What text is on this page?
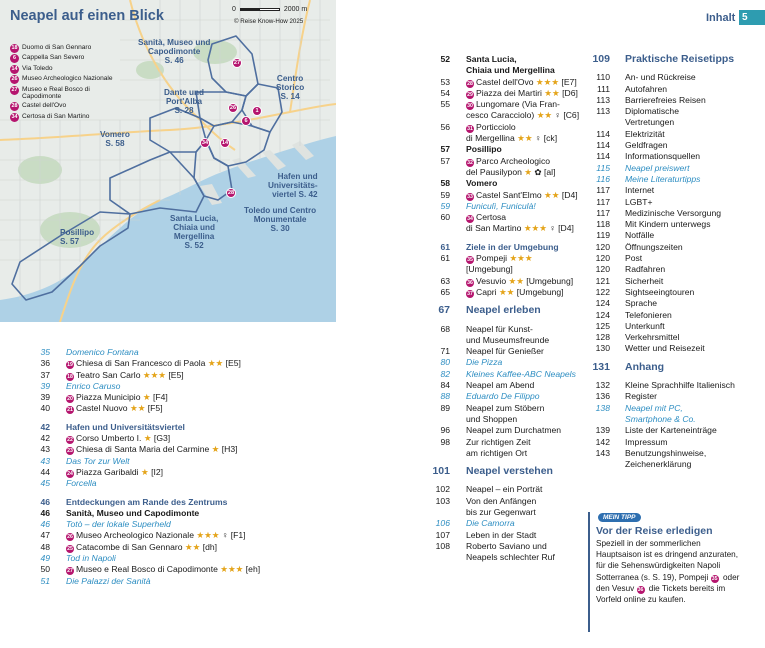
Neapel auf einen Blick	0	2000 m
© Reise Know-How 2025
18 Duomo di San Gennaro
6 Cappella San Severo
14 Via Toledo
26 Museo Archeologico Nazionale
27 Museo e Real Bosco di Capodimonte
28 Castel dell'Ovo
34 Certosa di San Martino
Sanità, Museo und
Capodimonte
S. 46
Centro
Storico
S. 14
Dante und
Port'Alba
S. 28
Vomero
S. 58
Hafen und
Universitäts-
viertel S. 42
Toledo und Centro
Monumentale
S. 30
Santa Lucia,
Chiaia und
Mergellina
S. 52
Posillipo
S. 57
27
26	1
6
34	14
28
Inhalt 5
35 Domenico Fontana
36	19 Chiesa di San Francesco di Paola ★★ [E5]
37	18 Teatro San Carlo ★★★ [E5]
39 Enrico Caruso
39	20 Piazza Municipio ★ [F4]
40	21 Castel Nuovo ★★ [F5]
42 Hafen und Universitätsviertel
42	22 Corso Umberto I. ★ [G3]
43	23 Chiesa di Santa Maria del Carmine ★ [H3]
43 Das Tor zur Welt
44	24 Piazza Garibaldi ★ [I2]
45 Forcella
46 Entdeckungen am Rande des Zentrums
46 Sanità, Museo und Capodimonte
46 Totò – der lokale Superheld
47	26 Museo Archeologico Nazionale ★★★ ♀ [F1]
48	25 Catacombe di San Gennaro ★★ [dh]
49 Tod in Napoli
50	27 Museo e Real Bosco di Capodimonte ★★★ [eh]
51 Die Palazzi der Sanità
52 Santa Lucia,
Chiaia und Mergellina
53	28 Castel dell'Ovo ★★★ [E7]
54	29 Piazza dei Martiri ★★ [D6]
55	30 Lungomare (Via Fran-
cesco Caracciolo) ★★ ♀ [C6]
56	31 Porticciolo
di Mergellina ★★ ♀ [ck]
57 Posillipo
57	32 Parco Archeologico
del Pausilypon ★ ✿ [al]
58 Vomero
59	33 Castel Sant'Elmo ★★ [D4]
59 Funiculì, Funiculà!
60	34 Certosa
di San Martino ★★★ ♀ [D4]
61 Ziele in der Umgebung
61	35 Pompeji ★★★
[Umgebung]
63	36 Vesuvio ★★ [Umgebung]
65	37 Capri ★★ [Umgebung]
67 Neapel erleben
68 Neapel für Kunst-
und Museumsfreunde
71 Neapel für Genießer
80 Die Pizza
82 Kleines Kaffee-ABC Neapels
84 Neapel am Abend
88 Eduardo De Filippo
89 Neapel zum Stöbern
und Shoppen
96 Neapel zum Durchatmen
98 Zur richtigen Zeit
am richtigen Ort
101 Neapel verstehen
102 Neapel – ein Porträt
103 Von den Anfängen
bis zur Gegenwart
106 Die Camorra
107 Leben in der Stadt
108 Roberto Saviano und
Neapels schlechter Ruf
109 Praktische Reisetipps
110 An- und Rückreise
111 Autofahren
113 Barrierefreies Reisen
113 Diplomatische
Vertretungen
114 Elektrizität
114 Geldfragen
114 Informationsquellen
115 Neapel preiswert
116 Meine Literaturtipps
117 Internet
117 LGBT+
117 Medizinische Versorgung
118 Mit Kindern unterwegs
119 Notfälle
120 Öffnungszeiten
120 Post
120 Radfahren
121 Sicherheit
122 Sightseeingtouren
124 Sprache
124 Telefonieren
125 Unterkunft
128 Verkehrsmittel
130 Wetter und Reisezeit
131 Anhang
132 Kleine Sprachhilfe Italienisch
136 Register
138 Neapel mit PC,
Smartphone & Co.
139 Liste der Karteneinträge
142 Impressum
143 Benutzungshinweise,
Zeichenerklärung
MEIN TIPP
Vor der Reise erledigen
Speziell in der sommerlichen Hauptsaison ist es dringend anzuraten, für die Sehenswürdigkeiten Napoli Sotterranea (s. S. 19), Pompeji 35 oder den Vesuv 36 die Tickets bereits im Vorfeld online zu kaufen.
